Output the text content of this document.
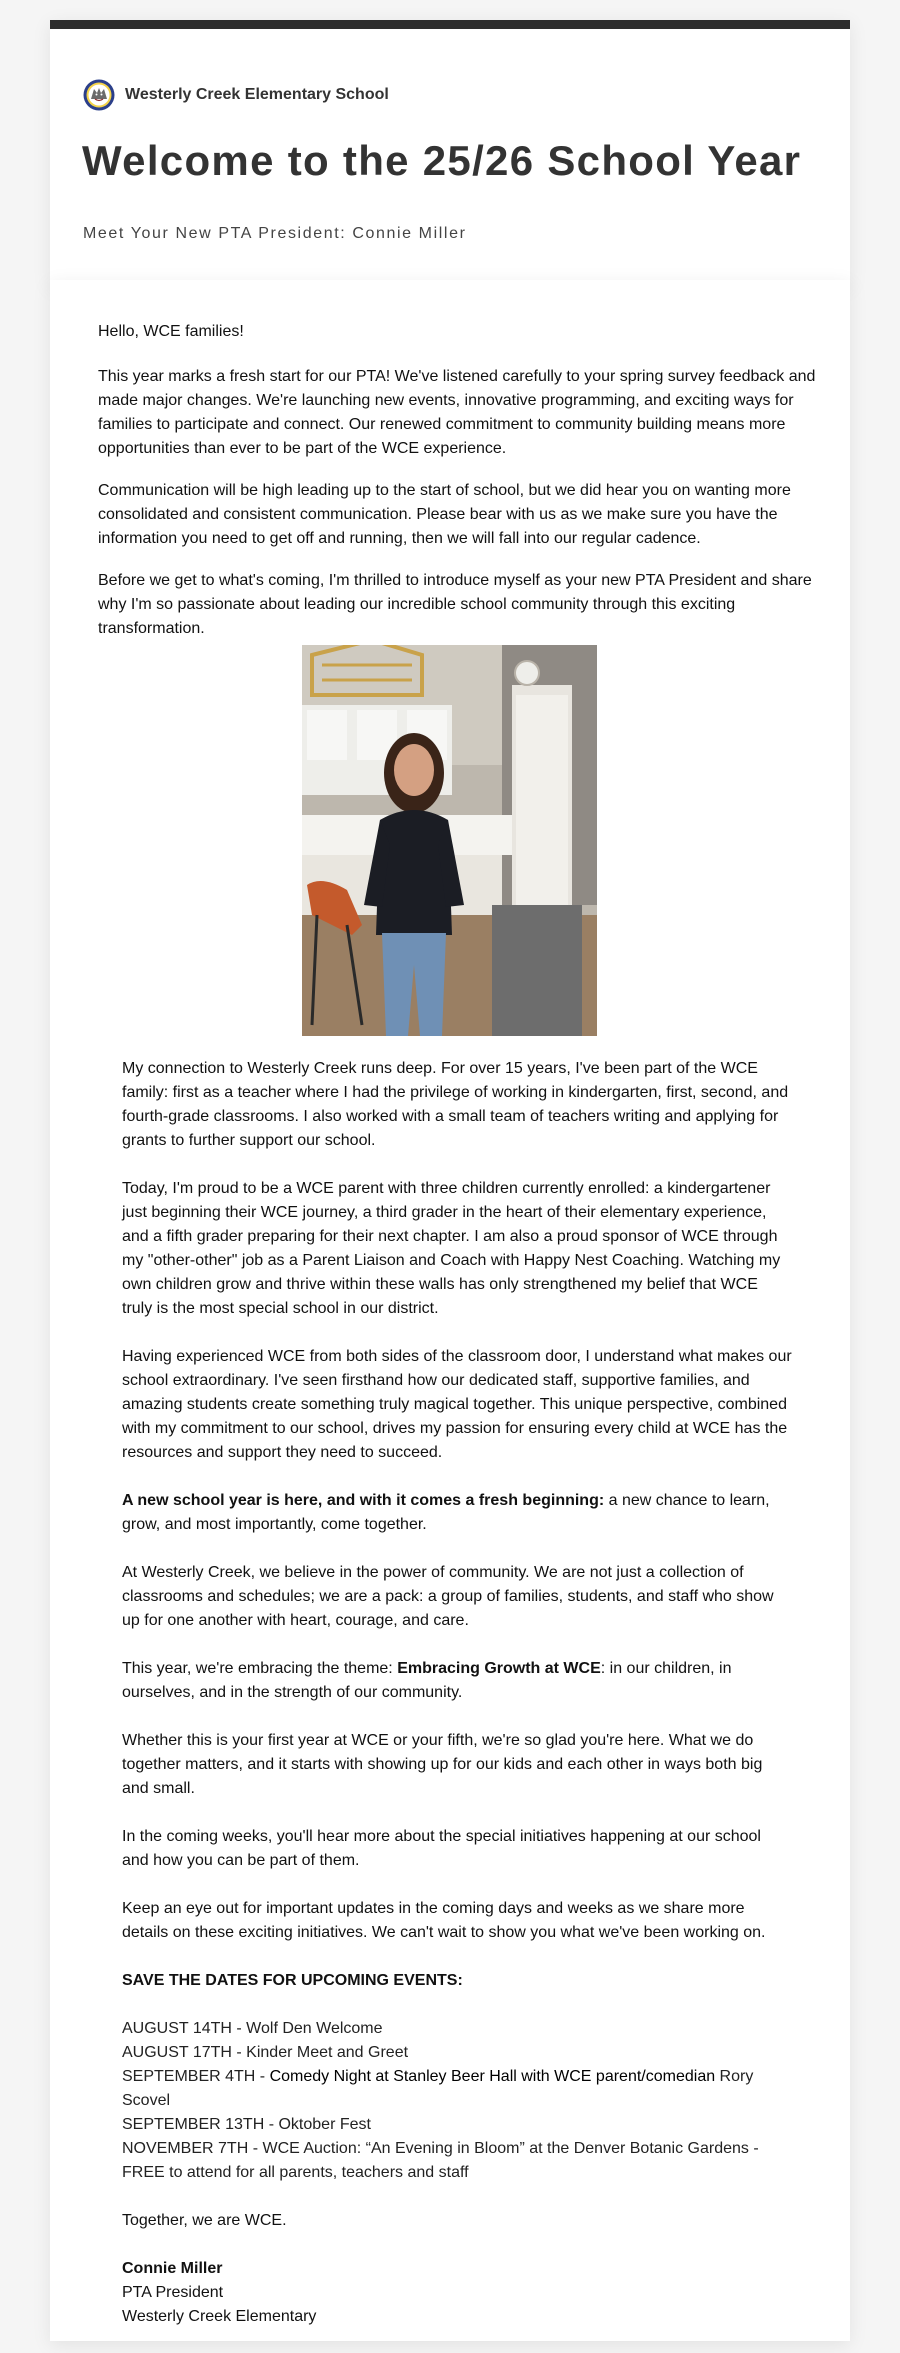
Westerly Creek Elementary School
Welcome to the 25/26 School Year

Meet Your New PTA President: Connie Miller

Hello, WCE families!

This year marks a fresh start for our PTA! We've listened carefully to your spring survey feedback and made major changes. We're launching new events, innovative programming, and exciting ways for families to participate and connect. Our renewed commitment to community building means more opportunities than ever to be part of the WCE experience.

Communication will be high leading up to the start of school, but we did hear you on wanting more consolidated and consistent communication. Please bear with us as we make sure you have the information you need to get off and running, then we will fall into our regular cadence.

Before we get to what's coming, I'm thrilled to introduce myself as your new PTA President and share why I'm so passionate about leading our incredible school community through this exciting transformation.

My connection to Westerly Creek runs deep. For over 15 years, I've been part of the WCE family: first as a teacher where I had the privilege of working in kindergarten, first, second, and fourth-grade classrooms. I also worked with a small team of teachers writing and applying for grants to further support our school.

Today, I'm proud to be a WCE parent with three children currently enrolled: a kindergartener just beginning their WCE journey, a third grader in the heart of their elementary experience, and a fifth grader preparing for their next chapter. I am also a proud sponsor of WCE through my "other-other" job as a Parent Liaison and Coach with Happy Nest Coaching. Watching my own children grow and thrive within these walls has only strengthened my belief that WCE truly is the most special school in our district.

Having experienced WCE from both sides of the classroom door, I understand what makes our school extraordinary. I've seen firsthand how our dedicated staff, supportive families, and amazing students create something truly magical together. This unique perspective, combined with my commitment to our school, drives my passion for ensuring every child at WCE has the resources and support they need to succeed.

A new school year is here, and with it comes a fresh beginning: a new chance to learn, grow, and most importantly, come together.

At Westerly Creek, we believe in the power of community. We are not just a collection of classrooms and schedules; we are a pack: a group of families, students, and staff who show up for one another with heart, courage, and care.

This year, we're embracing the theme: Embracing Growth at WCE: in our children, in ourselves, and in the strength of our community.

Whether this is your first year at WCE or your fifth, we're so glad you're here. What we do together matters, and it starts with showing up for our kids and each other in ways both big and small.

In the coming weeks, you'll hear more about the special initiatives happening at our school and how you can be part of them.

Keep an eye out for important updates in the coming days and weeks as we share more details on these exciting initiatives. We can't wait to show you what we've been working on.

SAVE THE DATES FOR UPCOMING EVENTS:

AUGUST 14TH - Wolf Den Welcome
AUGUST 17TH - Kinder Meet and Greet
SEPTEMBER 4TH - Comedy Night at Stanley Beer Hall with WCE parent/comedian Rory Scovel
SEPTEMBER 13TH - Oktober Fest
NOVEMBER 7TH - WCE Auction: “An Evening in Bloom” at the Denver Botanic Gardens - FREE to attend for all parents, teachers and staff

Together, we are WCE.

Connie Miller
PTA President
Westerly Creek Elementary
